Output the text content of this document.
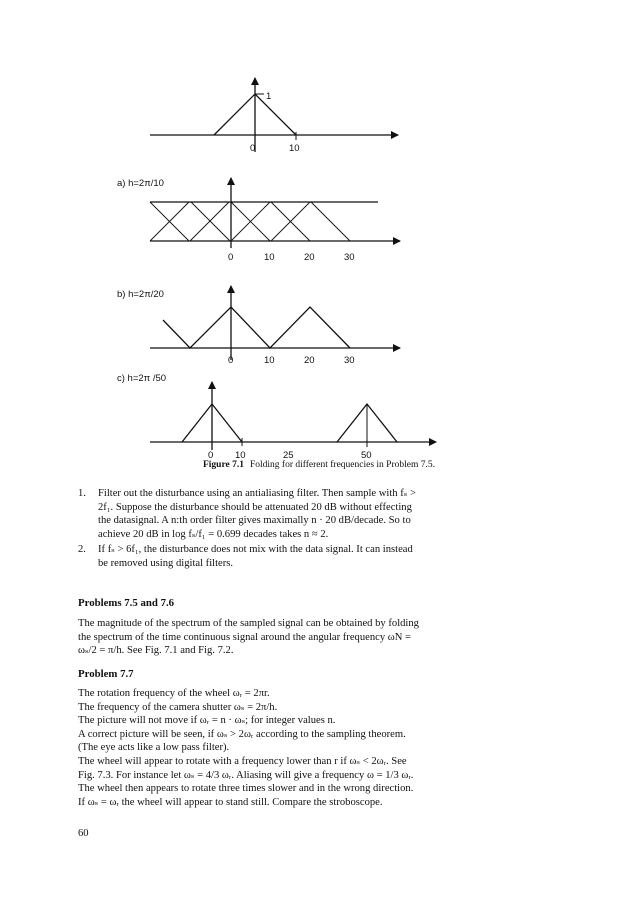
1
0	10
a) h=2π/10
0	10	20	30
b) h=2π/20
0	10	20	30
c) h=2π /50
0 10	25	50
Figure 7.1 Folding for different frequencies in Problem 7.5.
1. Filter out the disturbance using an antialiasing filter. Then sample with fₛ >
2f₁. Suppose the disturbance should be attenuated 20 dB without effecting
the datasignal. A n:th order filter gives maximally n · 20 dB/decade. So to
achieve 20 dB in log fₛ/f₁ = 0.699 decades takes n ≈ 2.
2. If fₛ > 6f₁, the disturbance does not mix with the data signal. It can instead
be removed using digital filters.
Problems 7.5 and 7.6
The magnitude of the spectrum of the sampled signal can be obtained by folding
the spectrum of the time continuous signal around the angular frequency ωN =
ωₛ/2 = π/h. See Fig. 7.1 and Fig. 7.2.
Problem 7.7
The rotation frequency of the wheel ωᵣ = 2πr.
The frequency of the camera shutter ωₛ = 2π/h.
The picture will not move if ωᵣ = n · ωₛ; for integer values n.
A correct picture will be seen, if ωₛ > 2ωᵣ according to the sampling theorem.
(The eye acts like a low pass filter).
The wheel will appear to rotate with a frequency lower than r if ωₛ < 2ωᵣ. See
Fig. 7.3. For instance let ωₛ = 4/3 ωᵣ. Aliasing will give a frequency ω = 1/3 ωᵣ.
The wheel then appears to rotate three times slower and in the wrong direction.
If ωₛ = ωᵣ the wheel will appear to stand still. Compare the stroboscope.
60
